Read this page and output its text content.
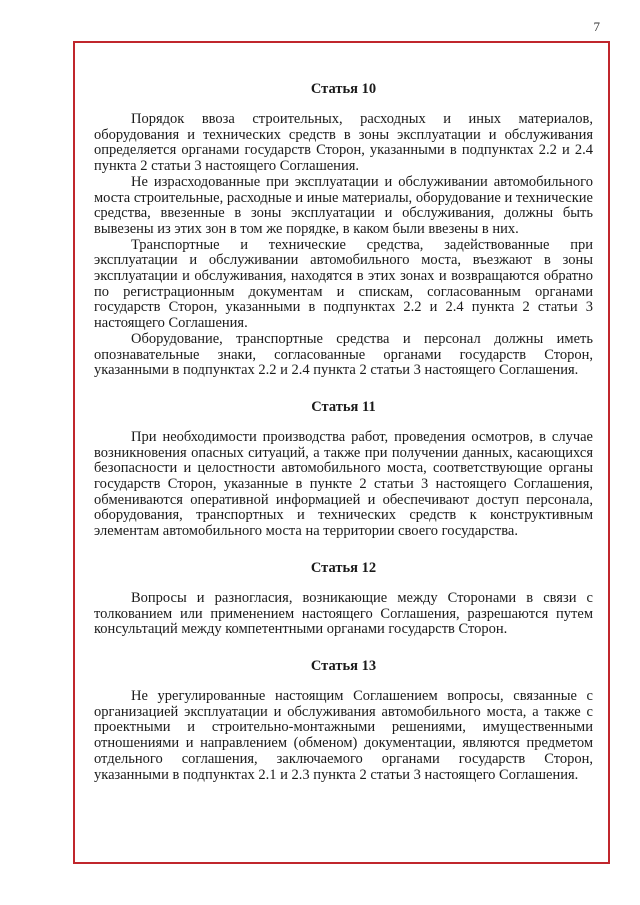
7
Статья 10

Порядок ввоза строительных, расходных и иных материалов, оборудования и технических средств в зоны эксплуатации и обслуживания определяется органами государств Сторон, указанными в подпунктах 2.2 и 2.4 пункта 2 статьи 3 настоящего Соглашения.

Не израсходованные при эксплуатации и обслуживании автомобильного моста строительные, расходные и иные материалы, оборудование и технические средства, ввезенные в зоны эксплуатации и обслуживания, должны быть вывезены из этих зон в том же порядке, в каком были ввезены в них.

Транспортные и технические средства, задействованные при эксплуатации и обслуживании автомобильного моста, въезжают в зоны эксплуатации и обслуживания, находятся в этих зонах и возвращаются обратно по регистрационным документам и спискам, согласованным органами государств Сторон, указанными в подпунктах 2.2 и 2.4 пункта 2 статьи 3 настоящего Соглашения.

Оборудование, транспортные средства и персонал должны иметь опознавательные знаки, согласованные органами государств Сторон, указанными в подпунктах 2.2 и 2.4 пункта 2 статьи 3 настоящего Соглашения.

Статья 11

При необходимости производства работ, проведения осмотров, в случае возникновения опасных ситуаций, а также при получении данных, касающихся безопасности и целостности автомобильного моста, соответствующие органы государств Сторон, указанные в пункте 2 статьи 3 настоящего Соглашения, обмениваются оперативной информацией и обеспечивают доступ персонала, оборудования, транспортных и технических средств к конструктивным элементам автомобильного моста на территории своего государства.

Статья 12

Вопросы и разногласия, возникающие между Сторонами в связи с толкованием или применением настоящего Соглашения, разрешаются путем консультаций между компетентными органами государств Сторон.

Статья 13

Не урегулированные настоящим Соглашением вопросы, связанные с организацией эксплуатации и обслуживания автомобильного моста, а также с проектными и строительно-монтажными решениями, имущественными отношениями и направлением (обменом) документации, являются предметом отдельного соглашения, заключаемого органами государств Сторон, указанными в подпунктах 2.1 и 2.3 пункта 2 статьи 3 настоящего Соглашения.
